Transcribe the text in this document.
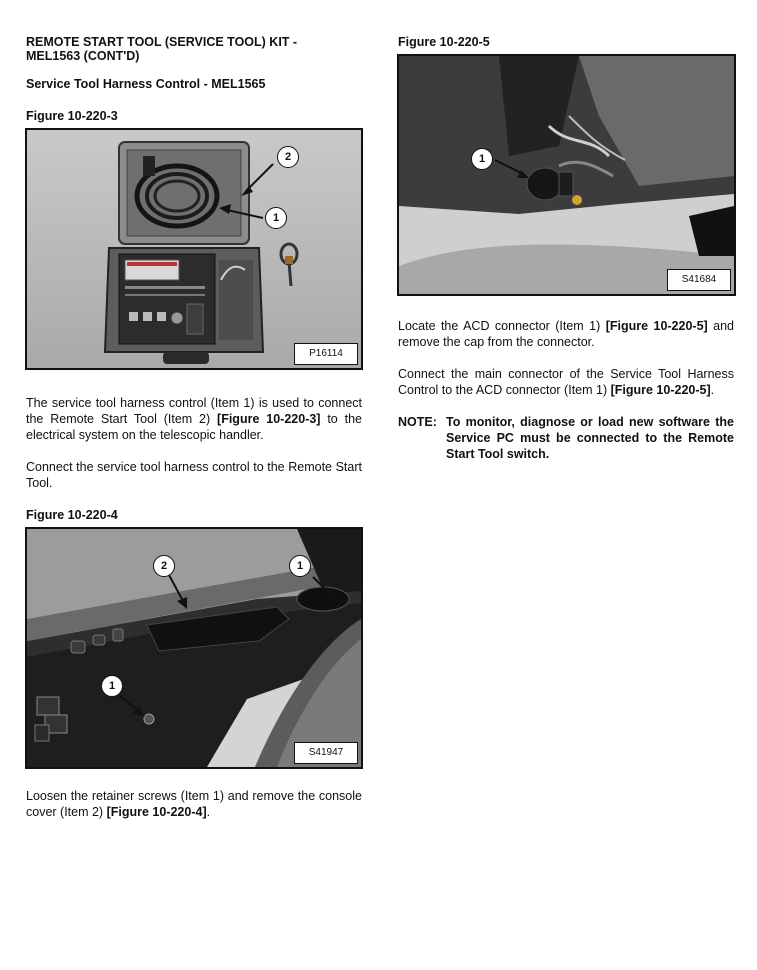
REMOTE START TOOL (SERVICE TOOL) KIT -
MEL1563 (CONT'D)
Service Tool Harness Control - MEL1565
Figure 10-220-3
2
1
P16114
The service tool harness control (Item 1) is used to connect the Remote Start Tool (Item 2) [Figure 10-220-3] to the electrical system on the telescopic handler.
Connect the service tool harness control to the Remote Start Tool.
Figure 10-220-4
2	1
1
S41947
Loosen the retainer screws (Item 1) and remove the console cover (Item 2) [Figure 10-220-4].
Figure 10-220-5
1
S41684
Locate the ACD connector (Item 1) [Figure 10-220-5] and remove the cap from the connector.
Connect the main connector of the Service Tool Harness Control to the ACD connector (Item 1) [Figure 10-220-5].
NOTE: To monitor, diagnose or load new software the Service PC must be connected to the Remote Start Tool switch.
